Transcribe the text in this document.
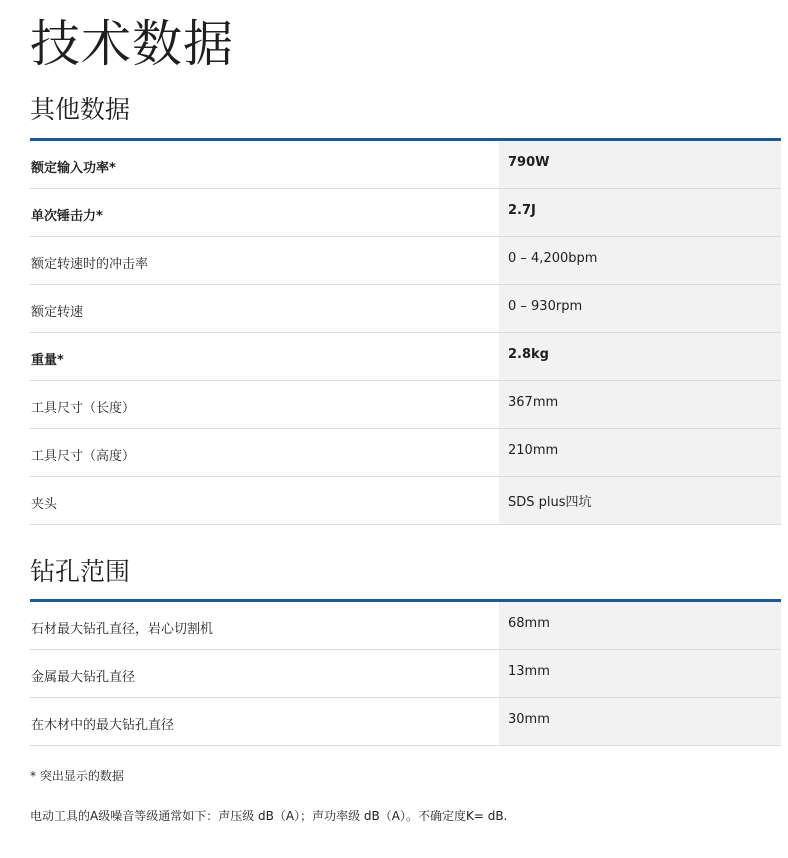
技术数据
其他数据
额定输入功率*	790W
单次锤击力*	2.7J
额定转速时的冲击率	0 – 4,200bpm
额定转速	0 – 930rpm
重量*	2.8kg
工具尺寸（长度）	367mm
工具尺寸（高度）	210mm
夹头	SDS plus四坑
钻孔范围
石材最大钻孔直径，岩心切割机	68mm
金属最大钻孔直径	13mm
在木材中的最大钻孔直径	30mm

* 突出显示的数据

电动工具的A级噪音等级通常如下：声压级 dB（A）；声功率级 dB（A）。不确定度K= dB.
